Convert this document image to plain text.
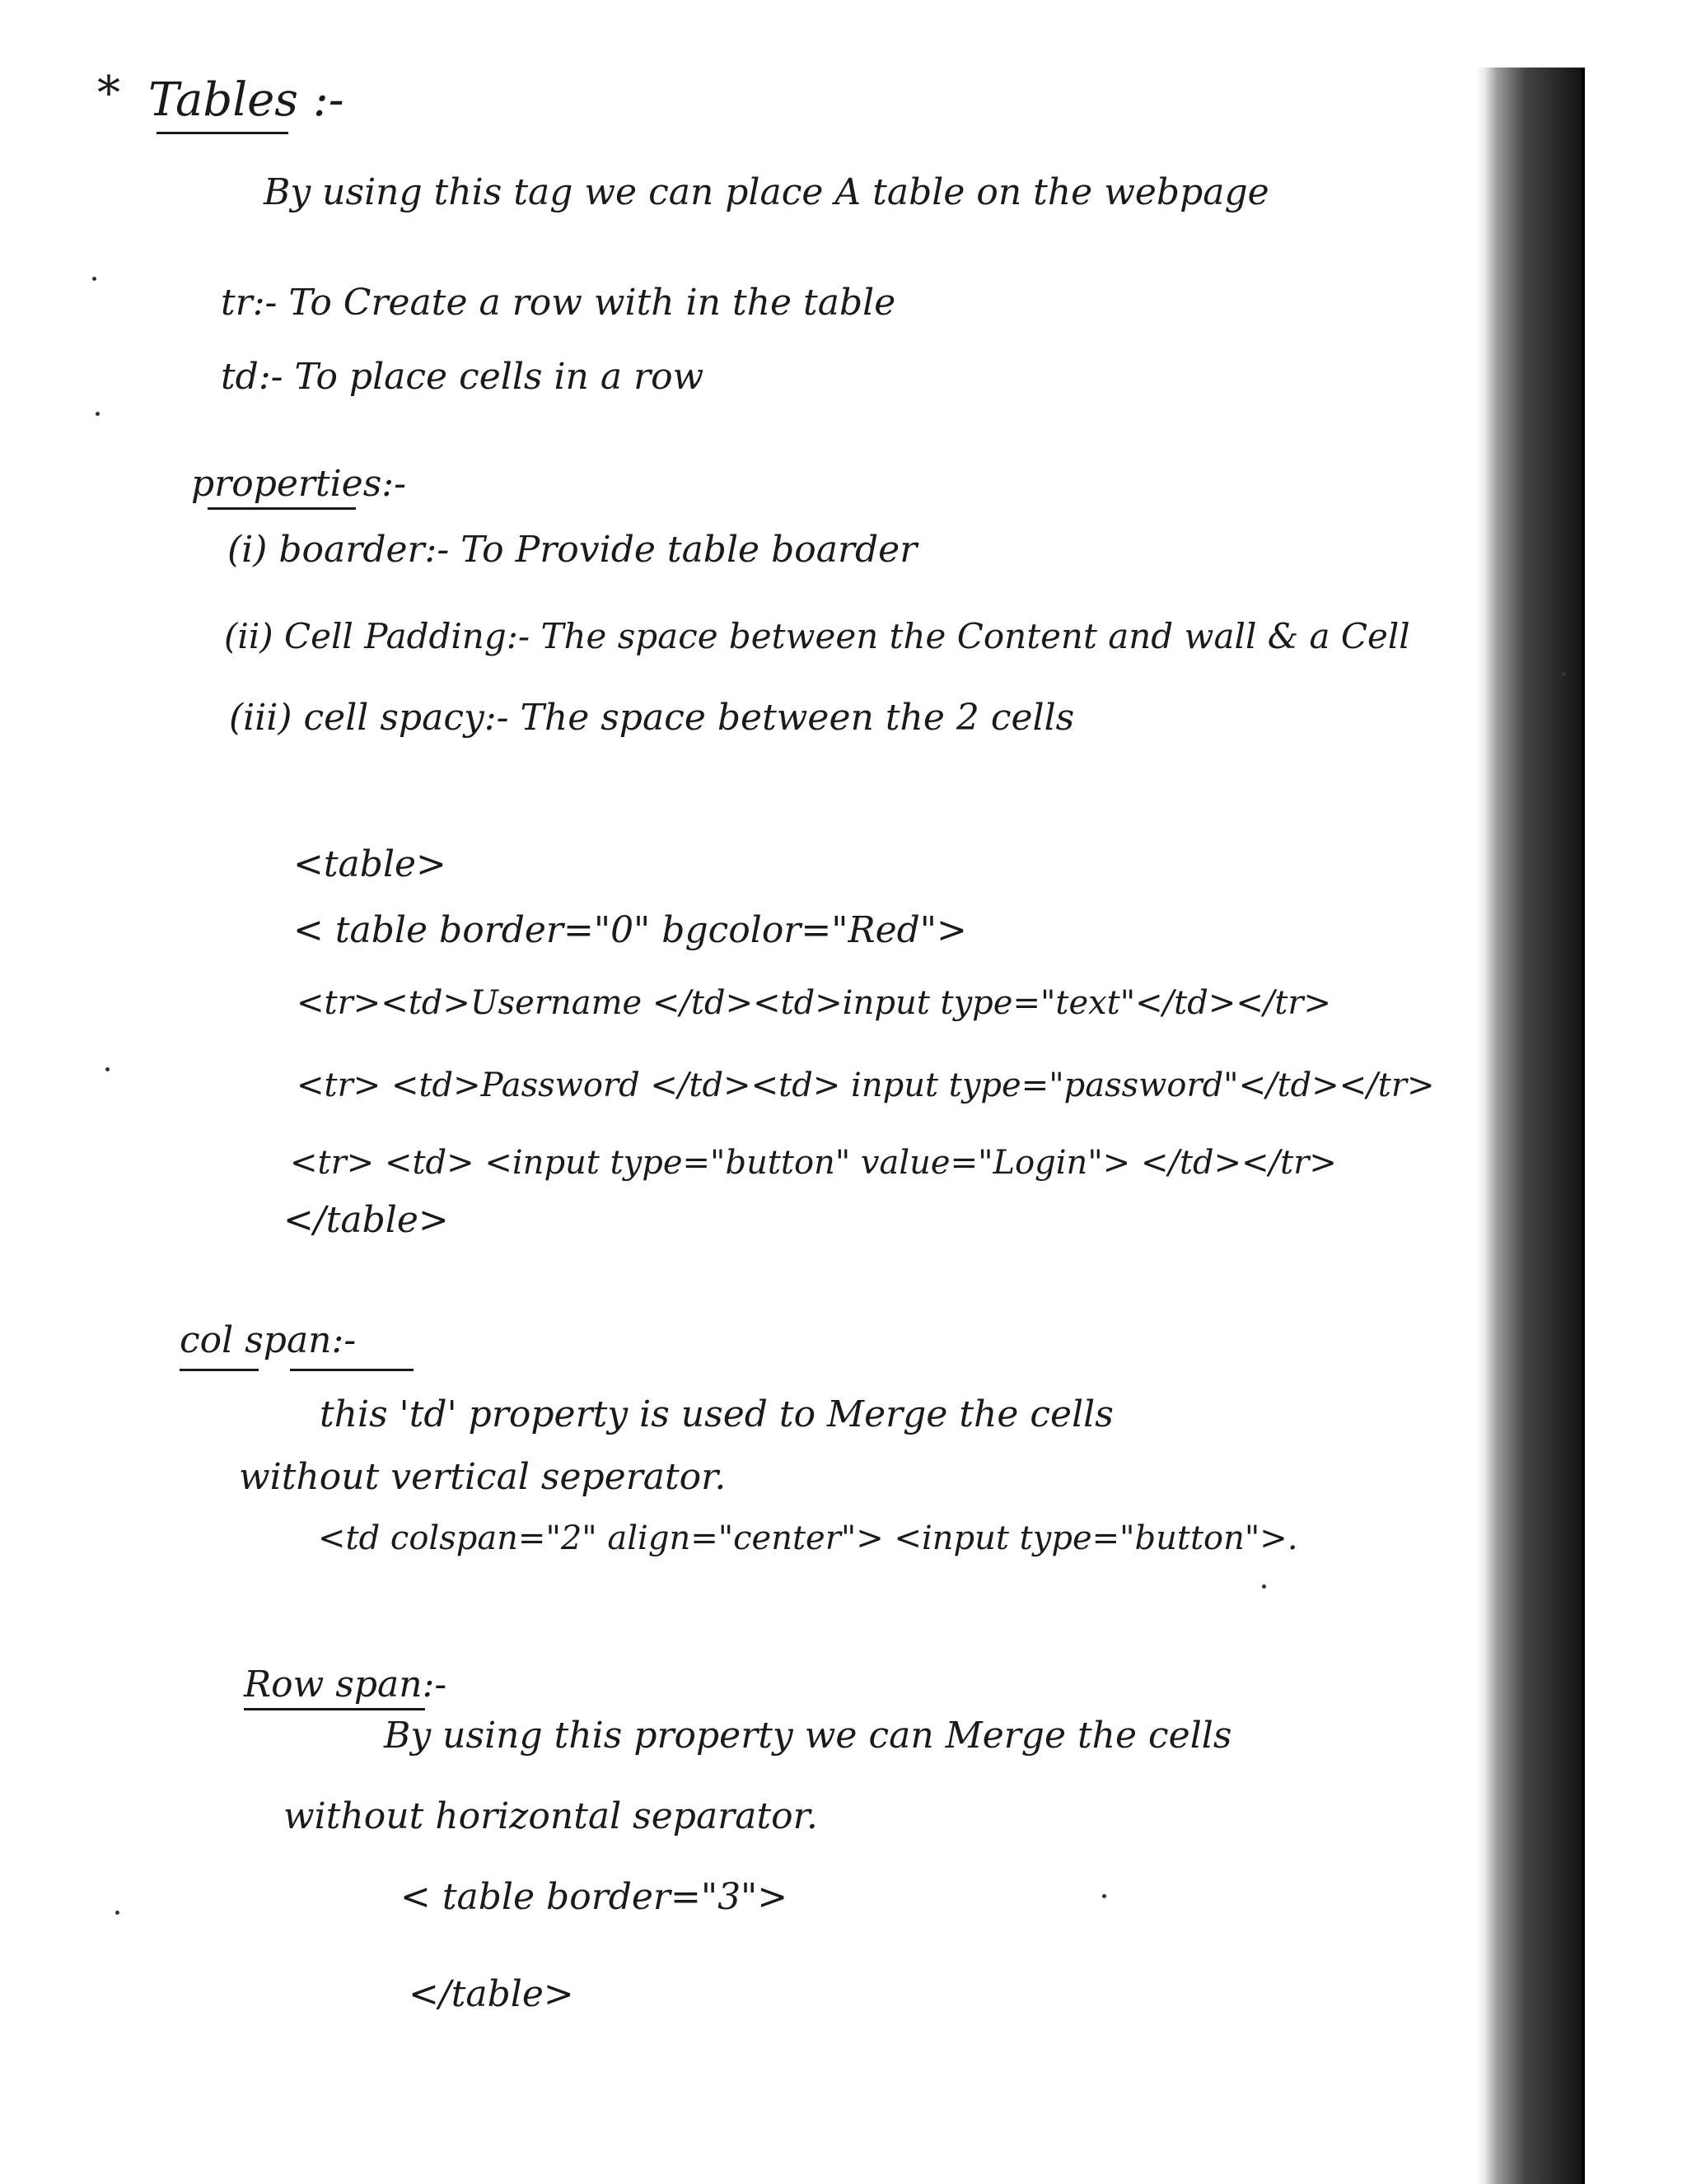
* Tables :-
By using this tag we can place A table on the webpage
tr:- To Create a row with in the table
td:- To place cells in a row
properties:-
(i) boarder:- To Provide table boarder
(ii) Cell Padding:- The space between the Content and wall & a Cell
(iii) cell spacy:- The space between the 2 cells
<table>
< table border="0" bgcolor="Red">
<tr><td>Username </td><td>input type="text"</td></tr>
<tr> <td>Password </td><td> input type="password"</td></tr>
<tr> <td> <input type="button" value="Login"> </td></tr>
</table>
col span:-
this 'td' property is used to Merge the cells
without vertical seperator.
<td colspan="2" align="center"> <input type="button">.
Row span:-
By using this property we can Merge the cells
without horizontal separator.
< table border="3">
</table>
